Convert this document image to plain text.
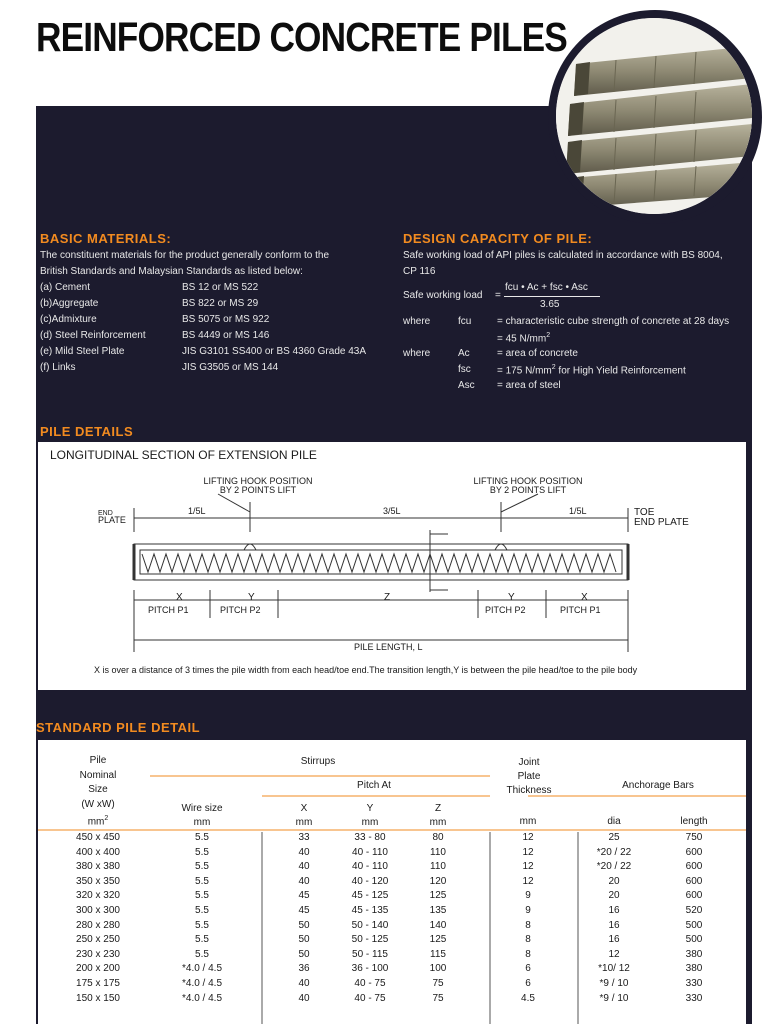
REINFORCED CONCRETE PILES
BASIC MATERIALS:
The constituent materials for the product generally conform to the
British Standards and Malaysian Standards as listed below:
(a) Cement	BS 12 or MS 522
(b)Aggregate	BS 822 or MS 29
(c)Admixture	BS 5075 or MS 922
(d) Steel Reinforcement	BS 4449 or MS 146
(e) Mild Steel Plate	JIS G3101 SS400 or BS 4360 Grade 43A
(f) Links	JIS G3505 or MS 144
DESIGN CAPACITY OF PILE:
Safe working load of API piles is calculated in accordance with BS 8004,
CP 116
Safe working load =
fcu • Ac + fsc • Asc
3.65
where	fcu	= characteristic cube strength of concrete at 28 days
= 45 $N/mm^2$
where	Ac	= area of concrete
fsc	= 175 $N/mm^2$ for High Yield Reinforcement
Asc = area of steel
PILE DETAILS
LONGITUDINAL SECTION OF EXTENSION PILE
LIFTING HOOK POSITION
BY 2 POINTS LIFT
LIFTING HOOK POSITION
BY 2 POINTS LIFT
END
PLATE
TOE
END PLATE
1/5L	3/5L	1/5L
X	Y	Z	Y	X
PITCH P1	PITCH P2	PITCH P2	PITCH P1
PILE LENGTH, L
X is over a distance of 3 times the pile width from each head/toe end.The transition length,Y is between the pile head/toe to the pile body
STANDARD PILE DETAIL
Pile
Nominal
Size
(W xW)
$mm^2$
Stirrups
Pitch At
Wire size
mm
X
mm
Y
mm
Z
mm
Joint
Plate
Thickness
mm
Anchorage Bars
dia	length
450 x 450	5.5	33	33 - 80	80	12	25	750
400 x 400	5.5	40	40 - 110	110	12	*20 / 22	600
380 x 380	5.5	40	40 - 110	110	12	*20 / 22	600
350 x 350	5.5	40	40 - 120	120	12	20	600
320 x 320	5.5	45	45 - 125	125	9	20	600
300 x 300	5.5	45	45 - 135	135	9	16	520
280 x 280	5.5	50	50 - 140	140	8	16	500
250 x 250	5.5	50	50 - 125	125	8	16	500
230 x 230	5.5	50	50 - 115	115	8	12	380
200 x 200	*4.0 / 4.5	36	36 - 100	100	6	*10/ 12	380
175 x 175	*4.0 / 4.5	40	40 - 75	75	6	*9 / 10	330
150 x 150	*4.0 / 4.5	40	40 - 75	75	4.5	*9 / 10	330
